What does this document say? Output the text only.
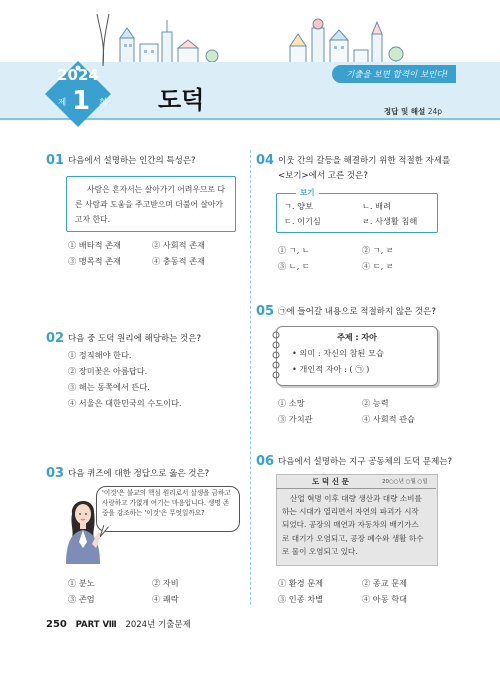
기출을 보면 합격이 보인다!
2024
제 1 회 도덕	정답 및 해설 24p
01 다음에서 설명하는 인간의 특성은?
사람은 혼자서는 살아가기 어려우므로 다
른 사람과 도움을 주고받으며 더불어 살아가
고자 한다.
① 배타적 존재	② 사회적 존재
③ 맹목적 존재	④ 충동적 존재
02 다음 중 도덕 원리에 해당하는 것은?
① 정직해야 한다.
② 장미꽃은 아름답다.
③ 해는 동쪽에서 뜬다.
④ 서울은 대한민국의 수도이다.
03 다음 퀴즈에 대한 정답으로 옳은 것은?
'이것'은 불교의 핵심 원리로서 살생을 금하고 사랑하고 가엾게 여기는 마음입니다. 생명 존중을 강조하는 '이것'은 무엇일까요?
① 분노	② 자비
③ 존엄	④ 쾌락
04 이웃 간의 갈등을 해결하기 위한 적절한 자세를
<보기>에서 고른 것은?
보기
ㄱ. 양보	ㄴ. 배려
ㄷ. 이기심	ㄹ. 사생활 침해
① ㄱ, ㄴ	② ㄱ, ㄹ
③ ㄴ, ㄷ	④ ㄷ, ㄹ
05 ㉠에 들어갈 내용으로 적절하지 않은 것은?
주제 : 자아
• 의미 : 자신의 참된 모습
• 개인적 자아 : ( ㉠ )
① 소망	② 능력
③ 가치관	④ 사회적 관습
06 다음에서 설명하는 지구 공동체의 도덕 문제는?
도 덕 신 문	20○○년 ○월 ○일
산업 혁명 이후 대량 생산과 대량 소비를
하는 시대가 열리면서 자연의 파괴가 시작
되었다. 공장의 매연과 자동차의 배기가스
로 대기가 오염되고, 공장 폐수와 생활 하수
로 물이 오염되고 있다.
① 환경 문제	② 종교 문제
③ 인종 차별	④ 아동 학대
250 PART Ⅷ 2024년 기출문제
